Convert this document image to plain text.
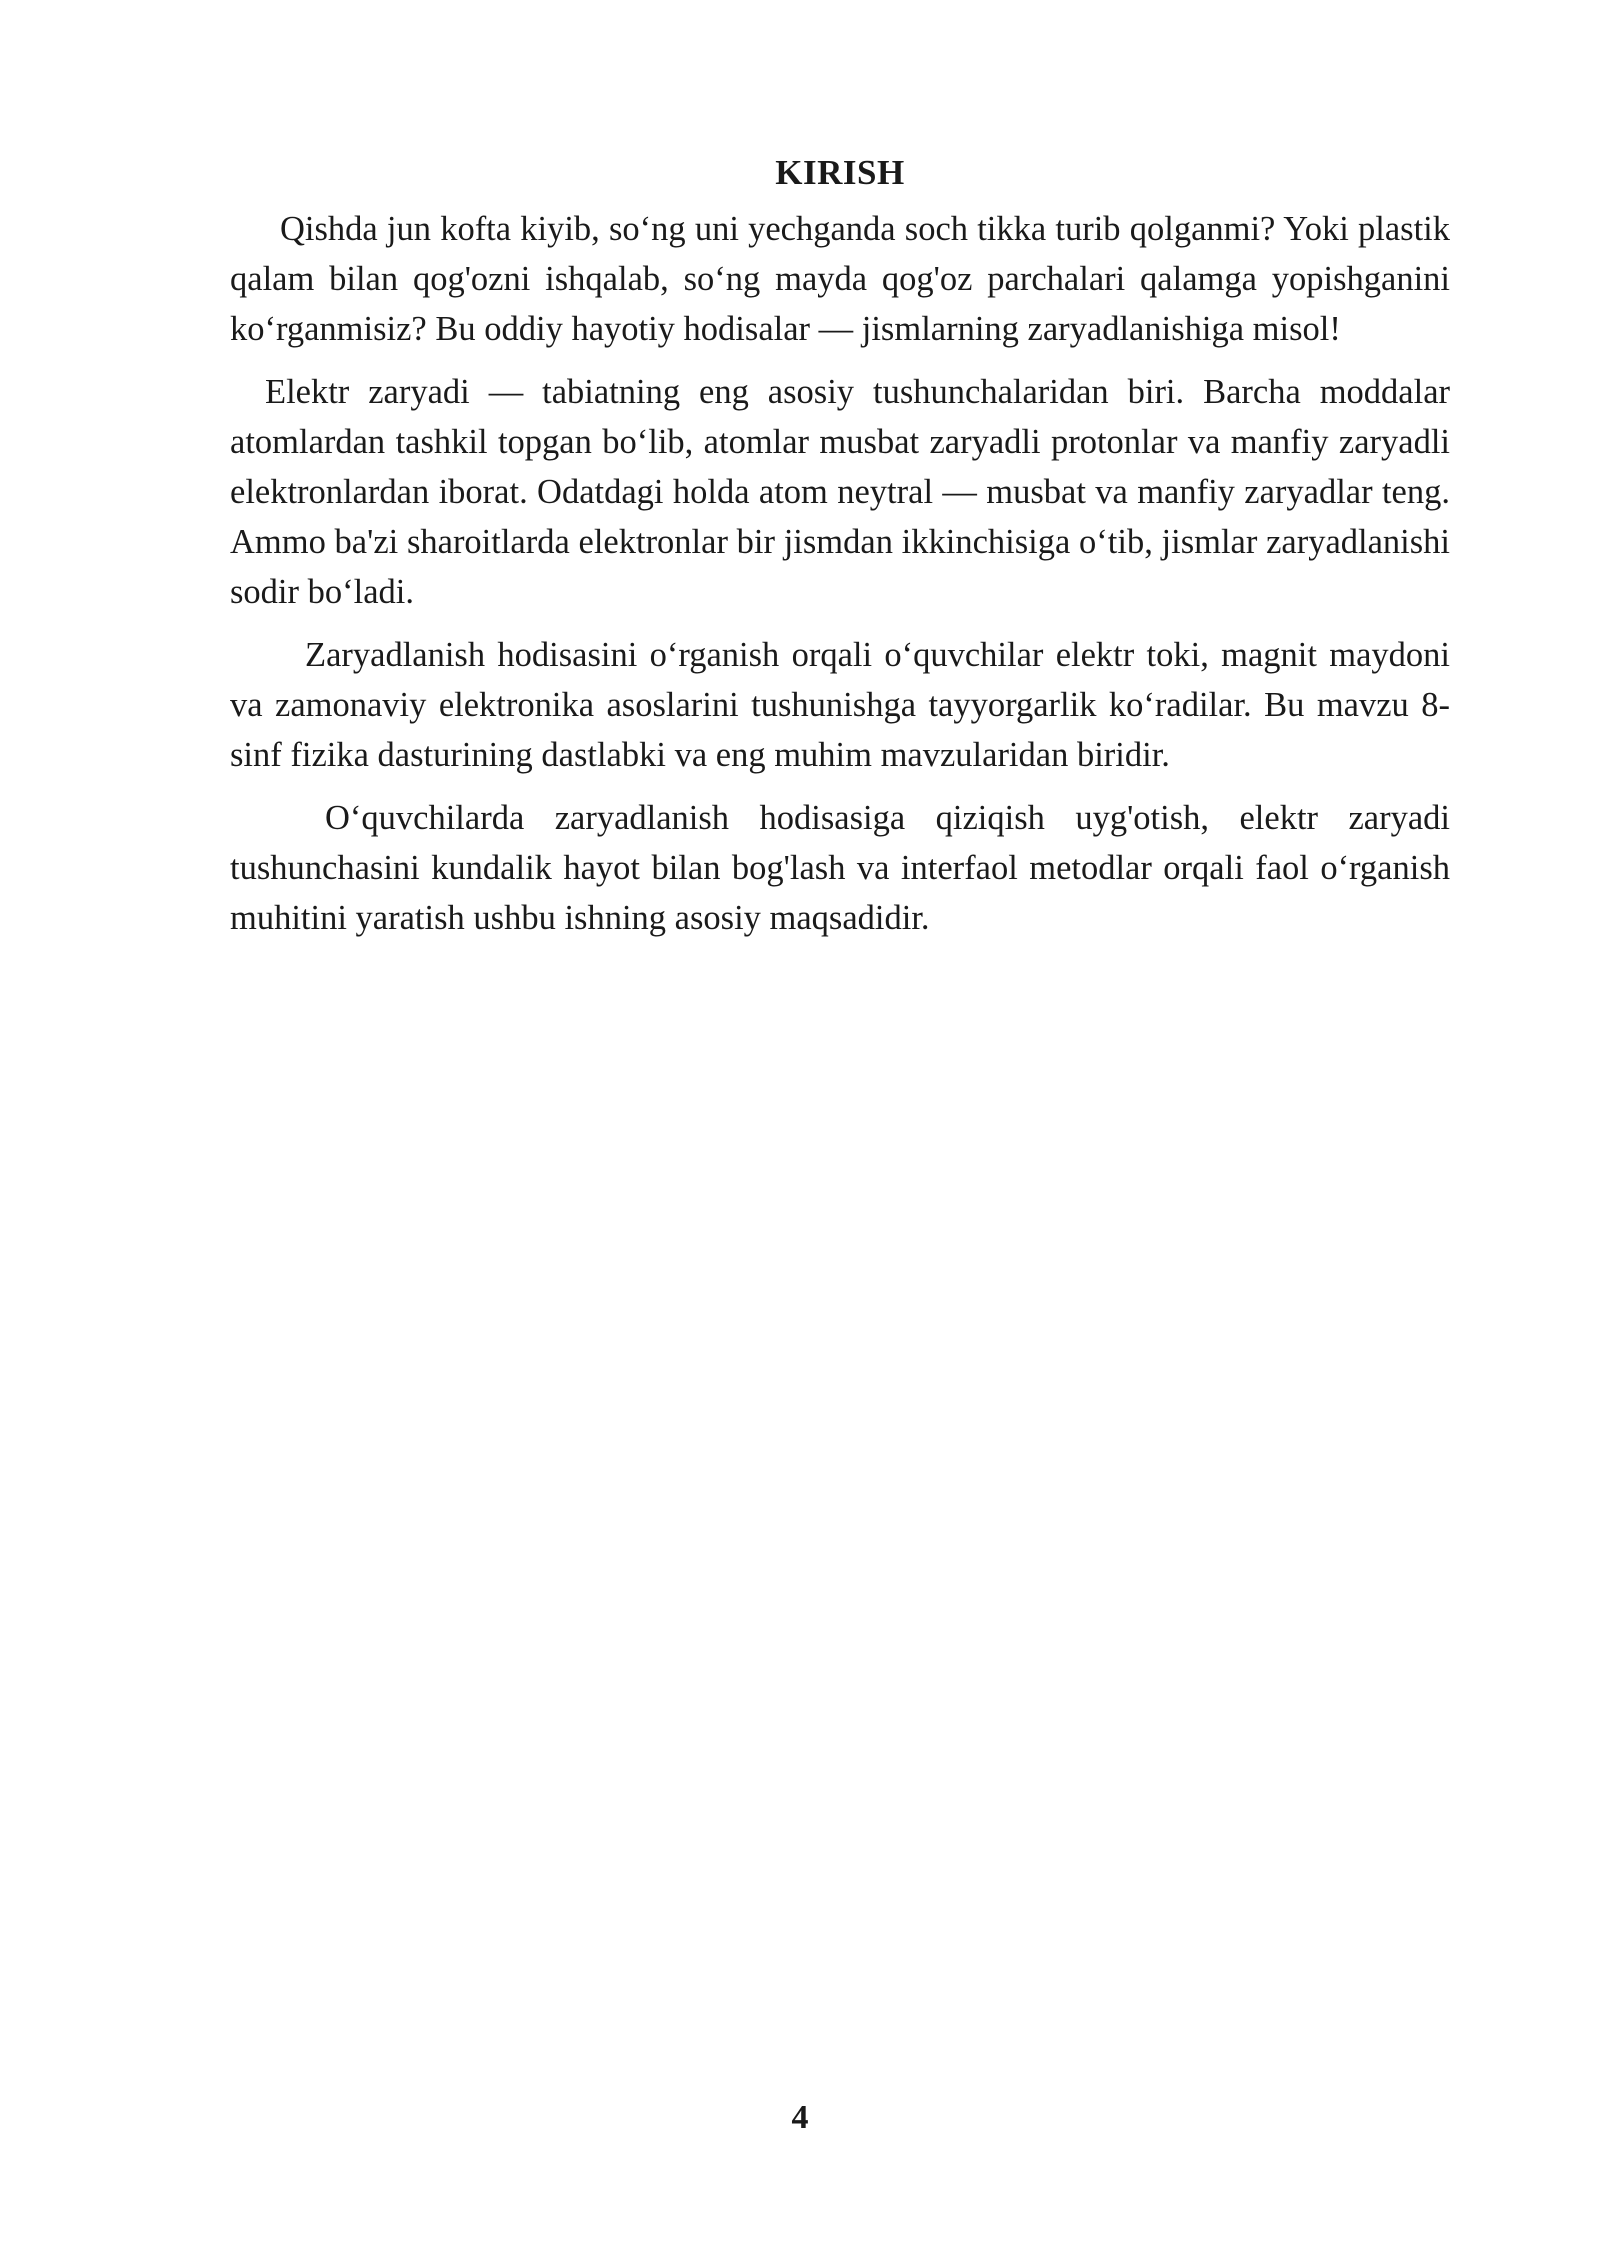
KIRISH

Qishda jun kofta kiyib, so‘ng uni yechganda soch tikka turib qolganmi? Yoki plastik qalam bilan qog'ozni ishqalab, so‘ng mayda qog'oz parchalari qalamga yopishganini ko‘rganmisiz? Bu oddiy hayotiy hodisalar — jismlarning zaryadlanishiga misol!

Elektr zaryadi — tabiatning eng asosiy tushunchalaridan biri. Barcha moddalar atomlardan tashkil topgan bo‘lib, atomlar musbat zaryadli protonlar va manfiy zaryadli elektronlardan iborat. Odatdagi holda atom neytral — musbat va manfiy zaryadlar teng. Ammo ba'zi sharoitlarda elektronlar bir jismdan ikkinchisiga o‘tib, jismlar zaryadlanishi sodir bo‘ladi.

Zaryadlanish hodisasini o‘rganish orqali o‘quvchilar elektr toki, magnit maydoni va zamonaviy elektronika asoslarini tushunishga tayyorgarlik ko‘radilar. Bu mavzu 8-sinf fizika dasturining dastlabki va eng muhim mavzularidan biridir.

O‘quvchilarda zaryadlanish hodisasiga qiziqish uyg'otish, elektr zaryadi tushunchasini kundalik hayot bilan bog'lash va interfaol metodlar orqali faol o‘rganish muhitini yaratish ushbu ishning asosiy maqsadidir.

4
